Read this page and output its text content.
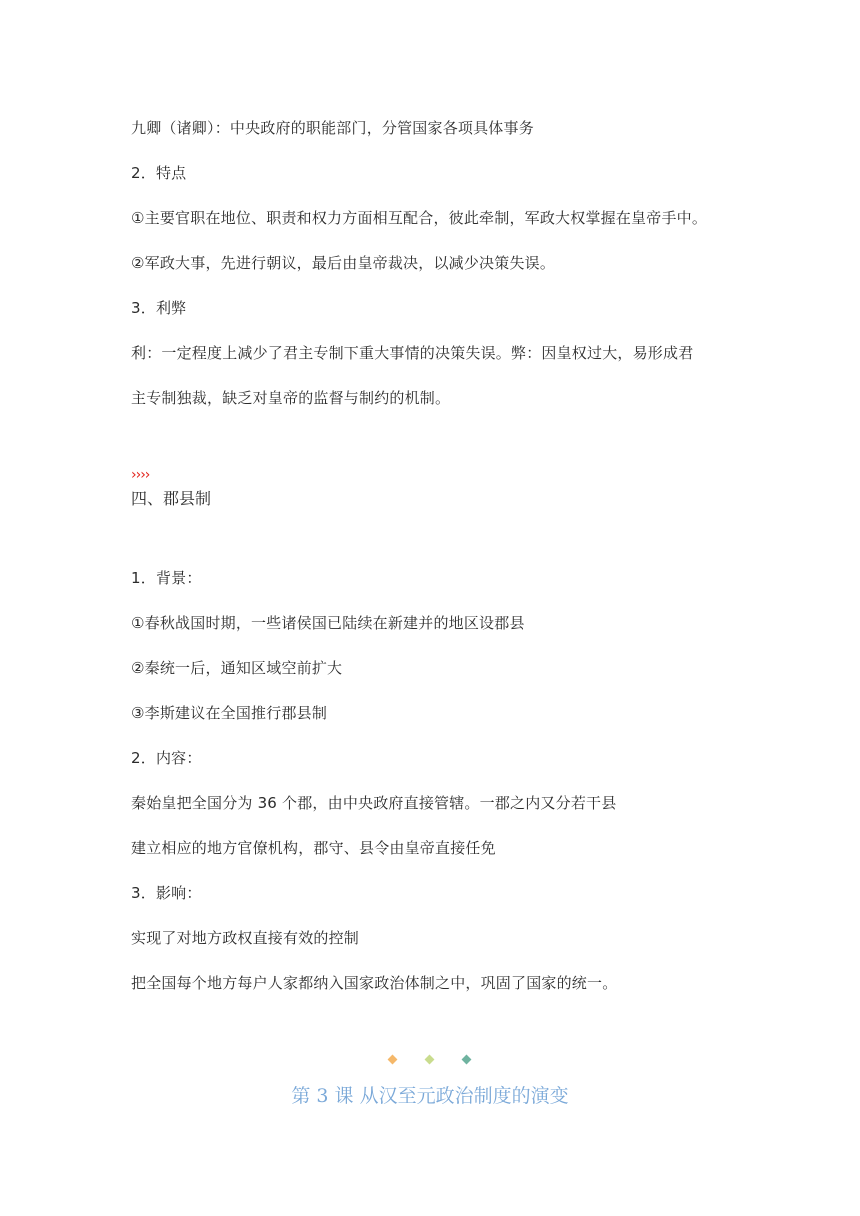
九卿（诸卿）：中央政府的职能部门，分管国家各项具体事务
2．特点
①主要官职在地位、职责和权力方面相互配合，彼此牵制，军政大权掌握在皇帝手中。
②军政大事，先进行朝议，最后由皇帝裁决，以减少决策失误。
3．利弊
利：一定程度上减少了君主专制下重大事情的决策失误。弊：因皇权过大，易形成君
主专制独裁，缺乏对皇帝的监督与制约的机制。
››››
四、郡县制
1．背景：
①春秋战国时期，一些诸侯国已陆续在新建并的地区设郡县
②秦统一后，通知区域空前扩大
③李斯建议在全国推行郡县制
2．内容：
秦始皇把全国分为 36 个郡，由中央政府直接管辖。一郡之内又分若干县
建立相应的地方官僚机构，郡守、县令由皇帝直接任免
3．影响：
实现了对地方政权直接有效的控制
把全国每个地方每户人家都纳入国家政治体制之中，巩固了国家的统一。
第 3 课 从汉至元政治制度的演变
